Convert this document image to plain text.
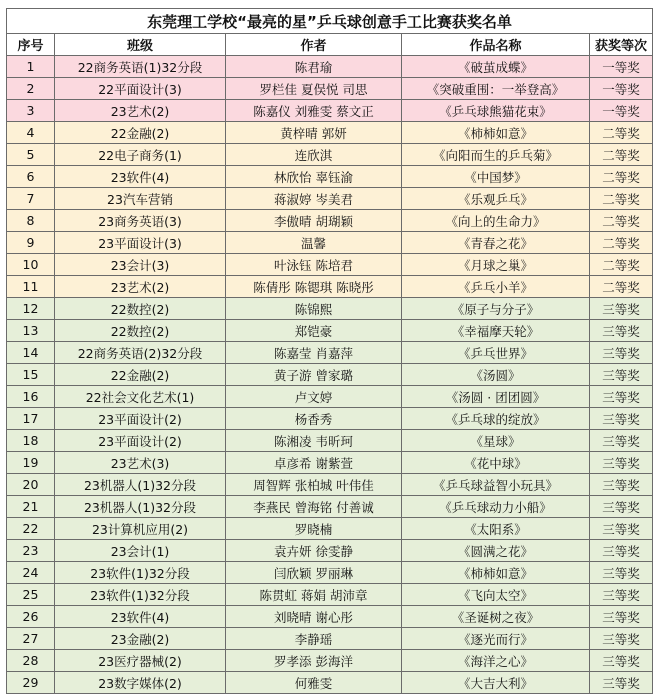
东莞理工学校“最亮的星”乒乓球创意手工比赛获奖名单				
序号	班级	作者	作品名称	获奖等次
1	22商务英语(1)32分段	陈君瑜	《破茧成蝶》	一等奖
2	22平面设计(3)	罗栏佳 夏俣悦 司思	《突破重围：一举登高》	一等奖
3	23艺术(2)	陈嘉仪 刘雅雯 蔡文正	《乒乓球熊猫花束》	一等奖
4	22金融(2)	黄梓晴 郭妍	《柿柿如意》	二等奖
5	22电子商务(1)	连欣淇	《向阳而生的乒乓菊》	二等奖
6	23软件(4)	林欣怡 辜钰渝	《中国梦》	二等奖
7	23汽车营销	蒋淑婷 岑美君	《乐观乒乓》	二等奖
8	23商务英语(3)	李傲晴 胡瑚颖	《向上的生命力》	二等奖
9	23平面设计(3)	温馨	《青春之花》	二等奖
10	23会计(3)	叶泳钰 陈培君	《月球之巢》	二等奖
11	23艺术(2)	陈倩彤 陈锶琪 陈晓彤	《乒乓小羊》	二等奖
12	22数控(2)	陈锦熙	《原子与分子》	三等奖
13	22数控(2)	郑铠豪	《幸福摩天轮》	三等奖
14	22商务英语(2)32分段	陈嘉莹 肖嘉萍	《乒乓世界》	三等奖
15	22金融(2)	黄子游 曾家璐	《汤圆》	三等奖
16	22社会文化艺术(1)	卢文婷	《汤圆 · 团团圆》	三等奖
17	23平面设计(2)	杨香秀	《乒乓球的绽放》	三等奖
18	23平面设计(2)	陈湘凌 韦昕珂	《星球》	三等奖
19	23艺术(3)	卓彦希 谢紫萱	《花中球》	三等奖
20	23机器人(1)32分段	周智辉 张柏城 叶伟佳	《乒乓球益智小玩具》	三等奖
21	23机器人(1)32分段	李燕民 曾海铭 付善诚	《乒乓球动力小船》	三等奖
22	23计算机应用(2)	罗晓楠	《太阳系》	三等奖
23	23会计(1)	袁卉妍 徐雯静	《圆满之花》	三等奖
24	23软件(1)32分段	闫欣颖 罗丽琳	《柿柿如意》	三等奖
25	23软件(1)32分段	陈贯虹 蒋娟 胡沛章	《飞向太空》	三等奖
26	23软件(4)	刘晓晴 谢心彤	《圣诞树之夜》	三等奖
27	23金融(2)	李静瑶	《逐光而行》	三等奖
28	23医疗器械(2)	罗孝添 彭海洋	《海洋之心》	三等奖
29	23数字媒体(2)	何雅雯	《大吉大利》	三等奖
